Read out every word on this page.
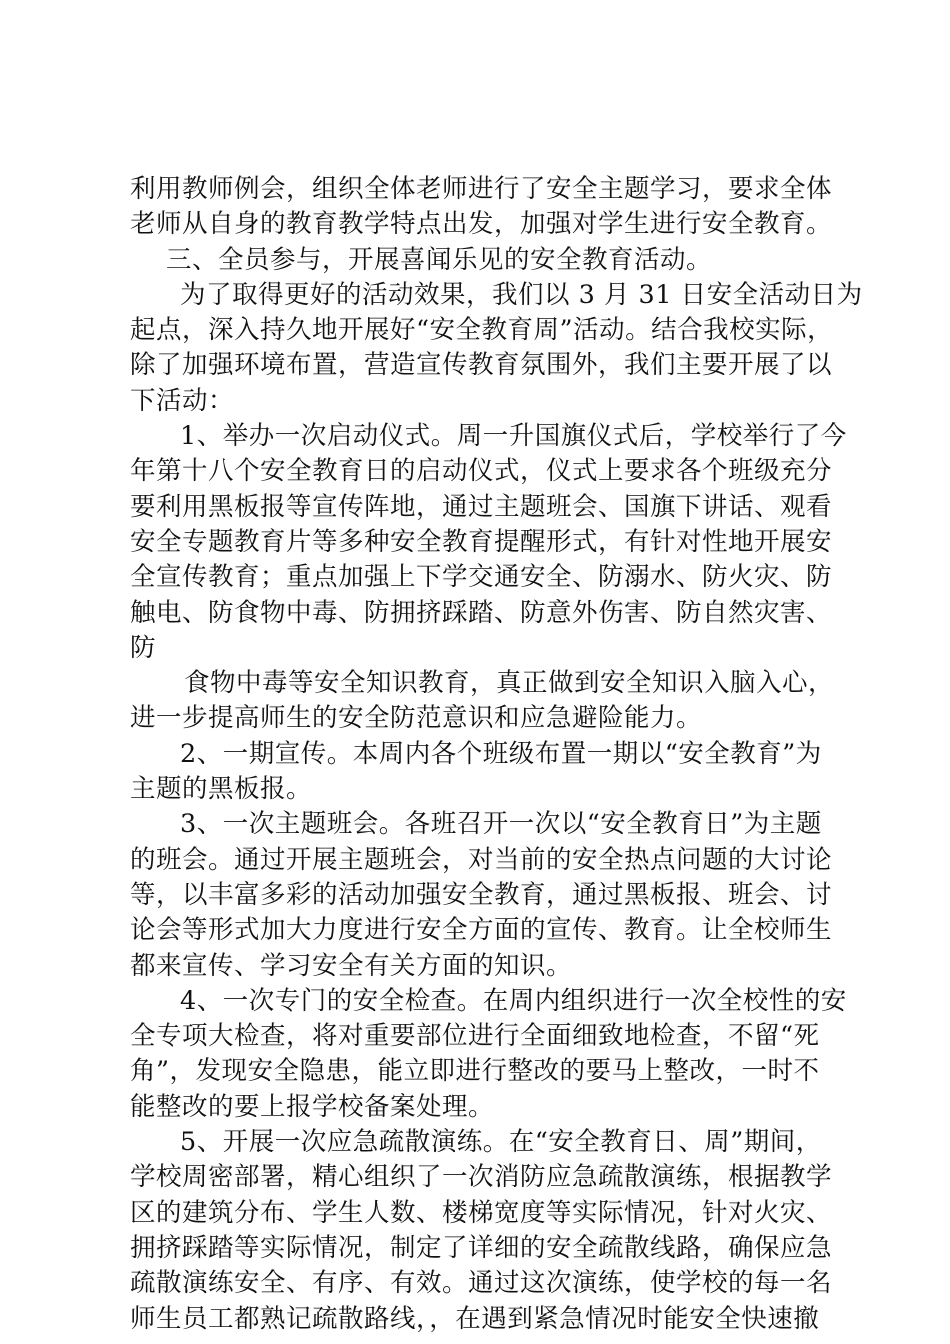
利用教师例会，组织全体老师进行了安全主题学习，要求全体
老师从自身的教育教学特点出发，加强对学生进行安全教育。
三、全员参与，开展喜闻乐见的安全教育活动。
为了取得更好的活动效果，我们以 3 月 31 日安全活动日为
起点，深入持久地开展好“安全教育周”活动。结合我校实际，
除了加强环境布置，营造宣传教育氛围外，我们主要开展了以
下活动：
1、举办一次启动仪式。周一升国旗仪式后，学校举行了今
年第十八个安全教育日的启动仪式，仪式上要求各个班级充分
要利用黑板报等宣传阵地，通过主题班会、国旗下讲话、观看
安全专题教育片等多种安全教育提醒形式，有针对性地开展安
全宣传教育；重点加强上下学交通安全、防溺水、防火灾、防
触电、防食物中毒、防拥挤踩踏、防意外伤害、防自然灾害、
防
食物中毒等安全知识教育，真正做到安全知识入脑入心，
进一步提高师生的安全防范意识和应急避险能力。
2、一期宣传。本周内各个班级布置一期以“安全教育”为
主题的黑板报。
3、一次主题班会。各班召开一次以“安全教育日”为主题
的班会。通过开展主题班会，对当前的安全热点问题的大讨论
等，以丰富多彩的活动加强安全教育，通过黑板报、班会、讨
论会等形式加大力度进行安全方面的宣传、教育。让全校师生
都来宣传、学习安全有关方面的知识。
4、一次专门的安全检查。在周内组织进行一次全校性的安
全专项大检查，将对重要部位进行全面细致地检查，不留“死
角”，发现安全隐患，能立即进行整改的要马上整改，一时不
能整改的要上报学校备案处理。
5、开展一次应急疏散演练。在“安全教育日、周”期间，
学校周密部署，精心组织了一次消防应急疏散演练，根据教学
区的建筑分布、学生人数、楼梯宽度等实际情况，针对火灾、
拥挤踩踏等实际情况，制定了详细的安全疏散线路，确保应急
疏散演练安全、有序、有效。通过这次演练，使学校的每一名
师生员工都熟记疏散路线，，在遇到紧急情况时能安全快速撤
